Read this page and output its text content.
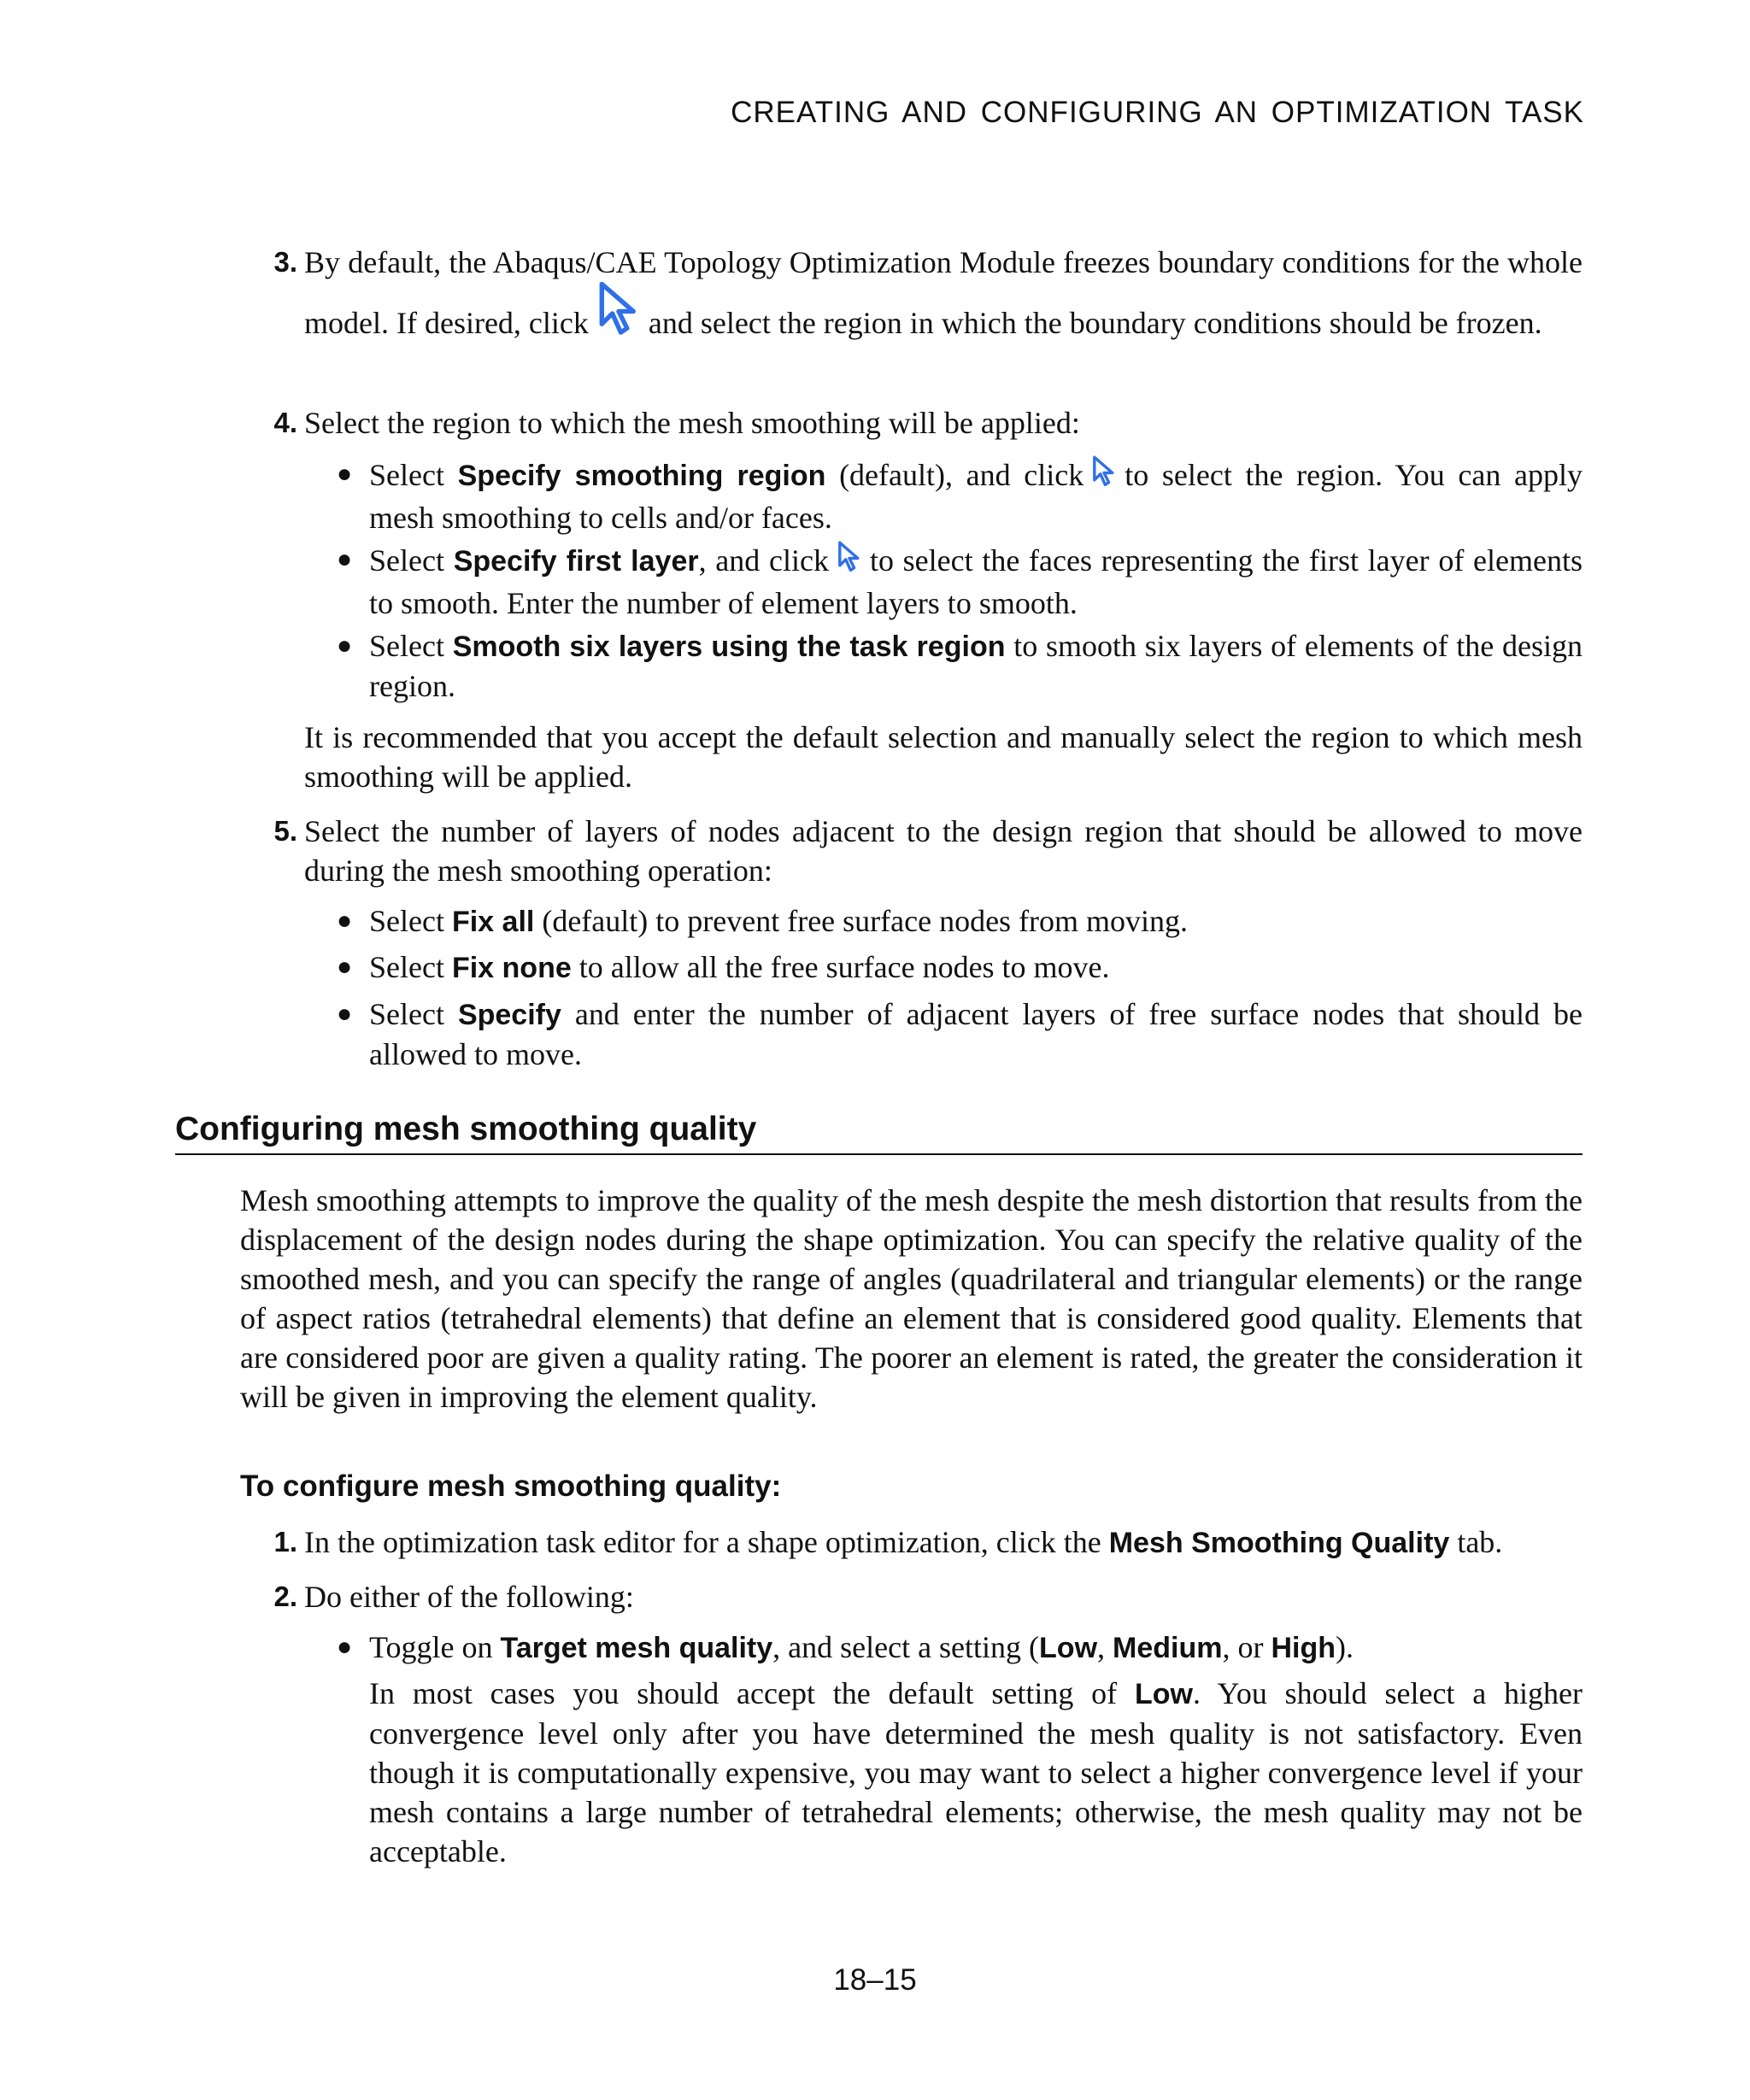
CREATING AND CONFIGURING AN OPTIMIZATION TASK
3. By default, the Abaqus/CAE Topology Optimization Module freezes boundary conditions for the whole model. If desired, click and select the region in which the boundary conditions should be frozen.
4. Select the region to which the mesh smoothing will be applied:
● Select Specify smoothing region (default), and click to select the region. You can apply mesh smoothing to cells and/or faces.
● Select Specify first layer, and click to select the faces representing the first layer of elements to smooth. Enter the number of element layers to smooth.
● Select Smooth six layers using the task region to smooth six layers of elements of the design region.
It is recommended that you accept the default selection and manually select the region to which mesh smoothing will be applied.
5. Select the number of layers of nodes adjacent to the design region that should be allowed to move during the mesh smoothing operation:
● Select Fix all (default) to prevent free surface nodes from moving.
● Select Fix none to allow all the free surface nodes to move.
● Select Specify and enter the number of adjacent layers of free surface nodes that should be allowed to move.
Configuring mesh smoothing quality
Mesh smoothing attempts to improve the quality of the mesh despite the mesh distortion that results from the displacement of the design nodes during the shape optimization. You can specify the relative quality of the smoothed mesh, and you can specify the range of angles (quadrilateral and triangular elements) or the range of aspect ratios (tetrahedral elements) that define an element that is considered good quality. Elements that are considered poor are given a quality rating. The poorer an element is rated, the greater the consideration it will be given in improving the element quality.
To configure mesh smoothing quality:
1. In the optimization task editor for a shape optimization, click the Mesh Smoothing Quality tab.
2. Do either of the following:
● Toggle on Target mesh quality, and select a setting (Low, Medium, or High).
In most cases you should accept the default setting of Low. You should select a higher convergence level only after you have determined the mesh quality is not satisfactory. Even though it is computationally expensive, you may want to select a higher convergence level if your mesh contains a large number of tetrahedral elements; otherwise, the mesh quality may not be acceptable.
18–15
